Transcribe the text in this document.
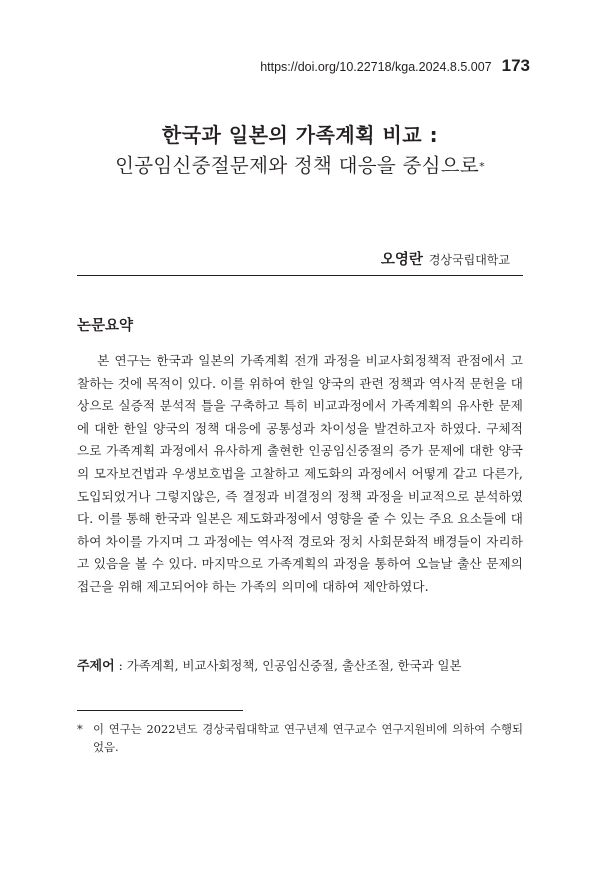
https://doi.org/10.22718/kga.2024.8.5.007 173
한국과 일본의 가족계획 비교 :
인공임신중절문제와 정책 대응을 중심으로*
오영란 경상국립대학교
논문요약

본 연구는 한국과 일본의 가족계획 전개 과정을 비교사회정책적 관점에서 고찰하는 것에 목적이 있다. 이를 위하여 한일 양국의 관련 정책과 역사적 문헌을 대상으로 실증적 분석적 틀을 구축하고 특히 비교과정에서 가족계획의 유사한 문제에 대한 한일 양국의 정책 대응에 공통성과 차이성을 발견하고자 하였다. 구체적으로 가족계획 과정에서 유사하게 출현한 인공임신중절의 증가 문제에 대한 양국의 모자보건법과 우생보호법을 고찰하고 제도화의 과정에서 어떻게 같고 다른가, 도입되었거나 그렇지않은, 즉 결정과 비결정의 정책 과정을 비교적으로 분석하였다. 이를 통해 한국과 일본은 제도화과정에서 영향을 줄 수 있는 주요 요소들에 대하여 차이를 가지며 그 과정에는 역사적 경로와 정치 사회문화적 배경들이 자리하고 있음을 볼 수 있다. 마지막으로 가족계획의 과정을 통하여 오늘날 출산 문제의 접근을 위해 제고되어야 하는 가족의 의미에 대하여 제안하였다.

주제어 : 가족계획, 비교사회정책, 인공임신중절, 출산조절, 한국과 일본
* 이 연구는 2022년도 경상국립대학교 연구년제 연구교수 연구지원비에 의하여 수행되었음.
